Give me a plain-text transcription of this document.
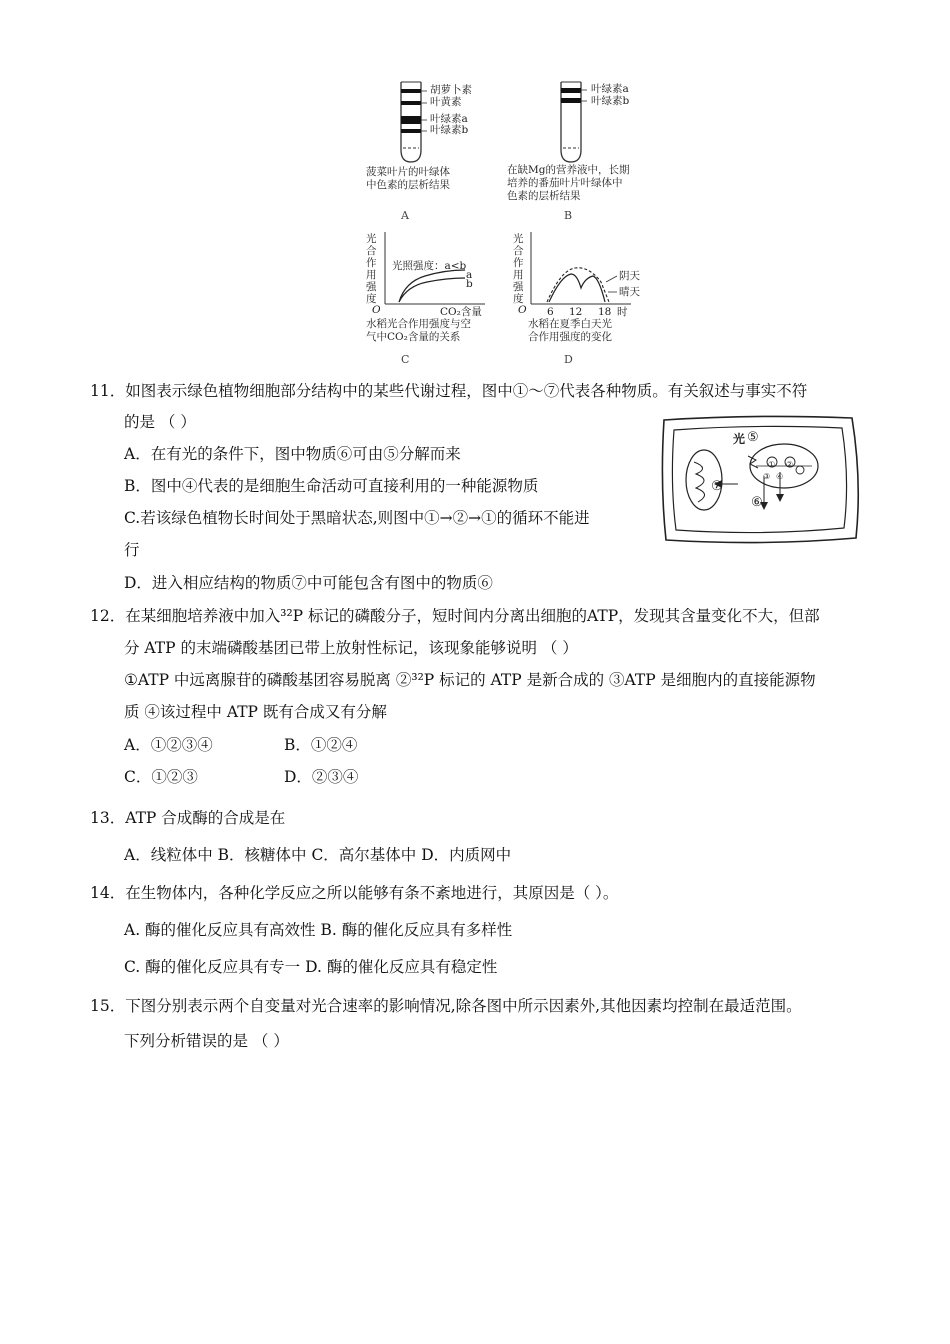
胡萝卜素
叶黄素
叶绿素a
叶绿素b
菠菜叶片的叶绿体
中色素的层析结果
A
叶绿素a
叶绿素b
在缺Mg的营养液中，长期
培养的番茄叶片叶绿体中
色素的层析结果
B
光合作用强度
光照强度：a<b
a
b
O	CO₂含量
水稻光合作用强度与空
气中CO₂含量的关系
C
光合作用强度
阴天
晴天
O 6 12 18 时
水稻在夏季白天光
合作用强度的变化
D
11．如图表示绿色植物细胞部分结构中的某些代谢过程，图中①～⑦代表各种物质。有关叙述与事实不符
的是 （ ）
A．在有光的条件下，图中物质⑥可由⑤分解而来
B．图中④代表的是细胞生命活动可直接利用的一种能源物质
C.若该绿色植物长时间处于黑暗状态,则图中①→②→①的循环不能进
行
D．进入相应结构的物质⑦中可能包含有图中的物质⑥
光 ⑤
⑦
⑥
① ②
③ ④
12．在某细胞培养液中加入³²P 标记的磷酸分子，短时间内分离出细胞的ATP，发现其含量变化不大，但部
分 ATP 的末端磷酸基团已带上放射性标记，该现象能够说明 （ ）
①ATP 中远离腺苷的磷酸基团容易脱离 ②³²P 标记的 ATP 是新合成的 ③ATP 是细胞内的直接能源物
质 ④该过程中 ATP 既有合成又有分解
A．①②③④	B．①②④
C．①②③	D．②③④
13．ATP 合成酶的合成是在
A．线粒体中 B．核糖体中 C．高尔基体中 D．内质网中
14．在生物体内，各种化学反应之所以能够有条不紊地进行，其原因是（ ）。
A. 酶的催化反应具有高效性 B. 酶的催化反应具有多样性
C. 酶的催化反应具有专一 D. 酶的催化反应具有稳定性
15．下图分别表示两个自变量对光合速率的影响情况,除各图中所示因素外,其他因素均控制在最适范围。
下列分析错误的是 （ ）
